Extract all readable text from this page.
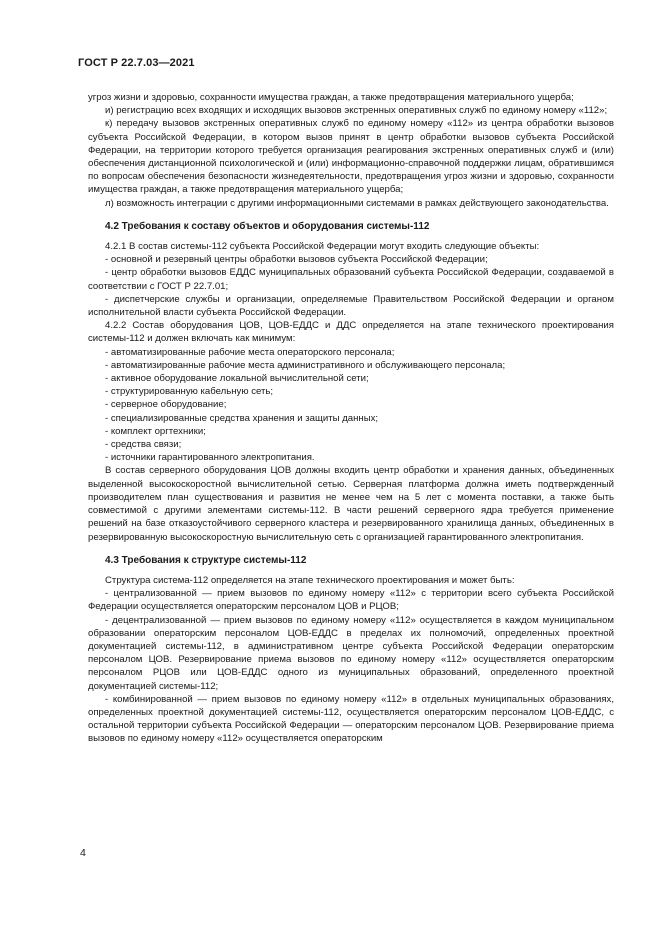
ГОСТ Р 22.7.03—2021

угроз жизни и здоровью, сохранности имущества граждан, а также предотвращения материального ущерба;

и) регистрацию всех входящих и исходящих вызовов экстренных оперативных служб по единому номеру «112»;

к) передачу вызовов экстренных оперативных служб по единому номеру «112» из центра обработки вызовов субъекта Российской Федерации, в котором вызов принят в центр обработки вызовов субъекта Российской Федерации, на территории которого требуется организация реагирования экстренных оперативных служб и (или) обеспечения дистанционной психологической и (или) информационно-справочной поддержки лицам, обратившимся по вопросам обеспечения безопасности жизнедеятельности, предотвращения угроз жизни и здоровью, сохранности имущества граждан, а также предотвращения материального ущерба;

л) возможность интеграции с другими информационными системами в рамках действующего законодательства.

4.2 Требования к составу объектов и оборудования системы-112

4.2.1 В состав системы-112 субъекта Российской Федерации могут входить следующие объекты:

- основной и резервный центры обработки вызовов субъекта Российской Федерации;

- центр обработки вызовов ЕДДС муниципальных образований субъекта Российской Федерации, создаваемой в соответствии с ГОСТ Р 22.7.01;

- диспетчерские службы и организации, определяемые Правительством Российской Федерации и органом исполнительной власти субъекта Российской Федерации.

4.2.2 Состав оборудования ЦОВ, ЦОВ-ЕДДС и ДДС определяется на этапе технического проектирования системы-112 и должен включать как минимум:

- автоматизированные рабочие места операторского персонала;

- автоматизированные рабочие места административного и обслуживающего персонала;

- активное оборудование локальной вычислительной сети;

- структурированную кабельную сеть;

- серверное оборудование;

- специализированные средства хранения и защиты данных;

- комплект оргтехники;

- средства связи;

- источники гарантированного электропитания.

В состав серверного оборудования ЦОВ должны входить центр обработки и хранения данных, объединенных выделенной высокоскоростной вычислительной сетью. Серверная платформа должна иметь подтвержденный производителем план существования и развития не менее чем на 5 лет с момента поставки, а также быть совместимой с другими элементами системы-112. В части решений серверного ядра требуется применение решений на базе отказоустойчивого серверного кластера и резервированного хранилища данных, объединенных в резервированную высокоскоростную вычислительную сеть с организацией гарантированного электропитания.

4.3 Требования к структуре системы-112

Структура система-112 определяется на этапе технического проектирования и может быть:

- централизованной — прием вызовов по единому номеру «112» с территории всего субъекта Российской Федерации осуществляется операторским персоналом ЦОВ и РЦОВ;

- децентрализованной — прием вызовов по единому номеру «112» осуществляется в каждом муниципальном образовании операторским персоналом ЦОВ-ЕДДС в пределах их полномочий, определенных проектной документацией системы-112, в административном центре субъекта Российской Федерации операторским персоналом ЦОВ. Резервирование приема вызовов по единому номеру «112» осуществляется операторским персоналом РЦОВ или ЦОВ-ЕДДС одного из муниципальных образований, определенного проектной документацией системы-112;

- комбинированной — прием вызовов по единому номеру «112» в отдельных муниципальных образованиях, определенных проектной документацией системы-112, осуществляется операторским персоналом ЦОВ-ЕДДС, с остальной территории субъекта Российской Федерации — операторским персоналом ЦОВ. Резервирование приема вызовов по единому номеру «112» осуществляется операторским

4
